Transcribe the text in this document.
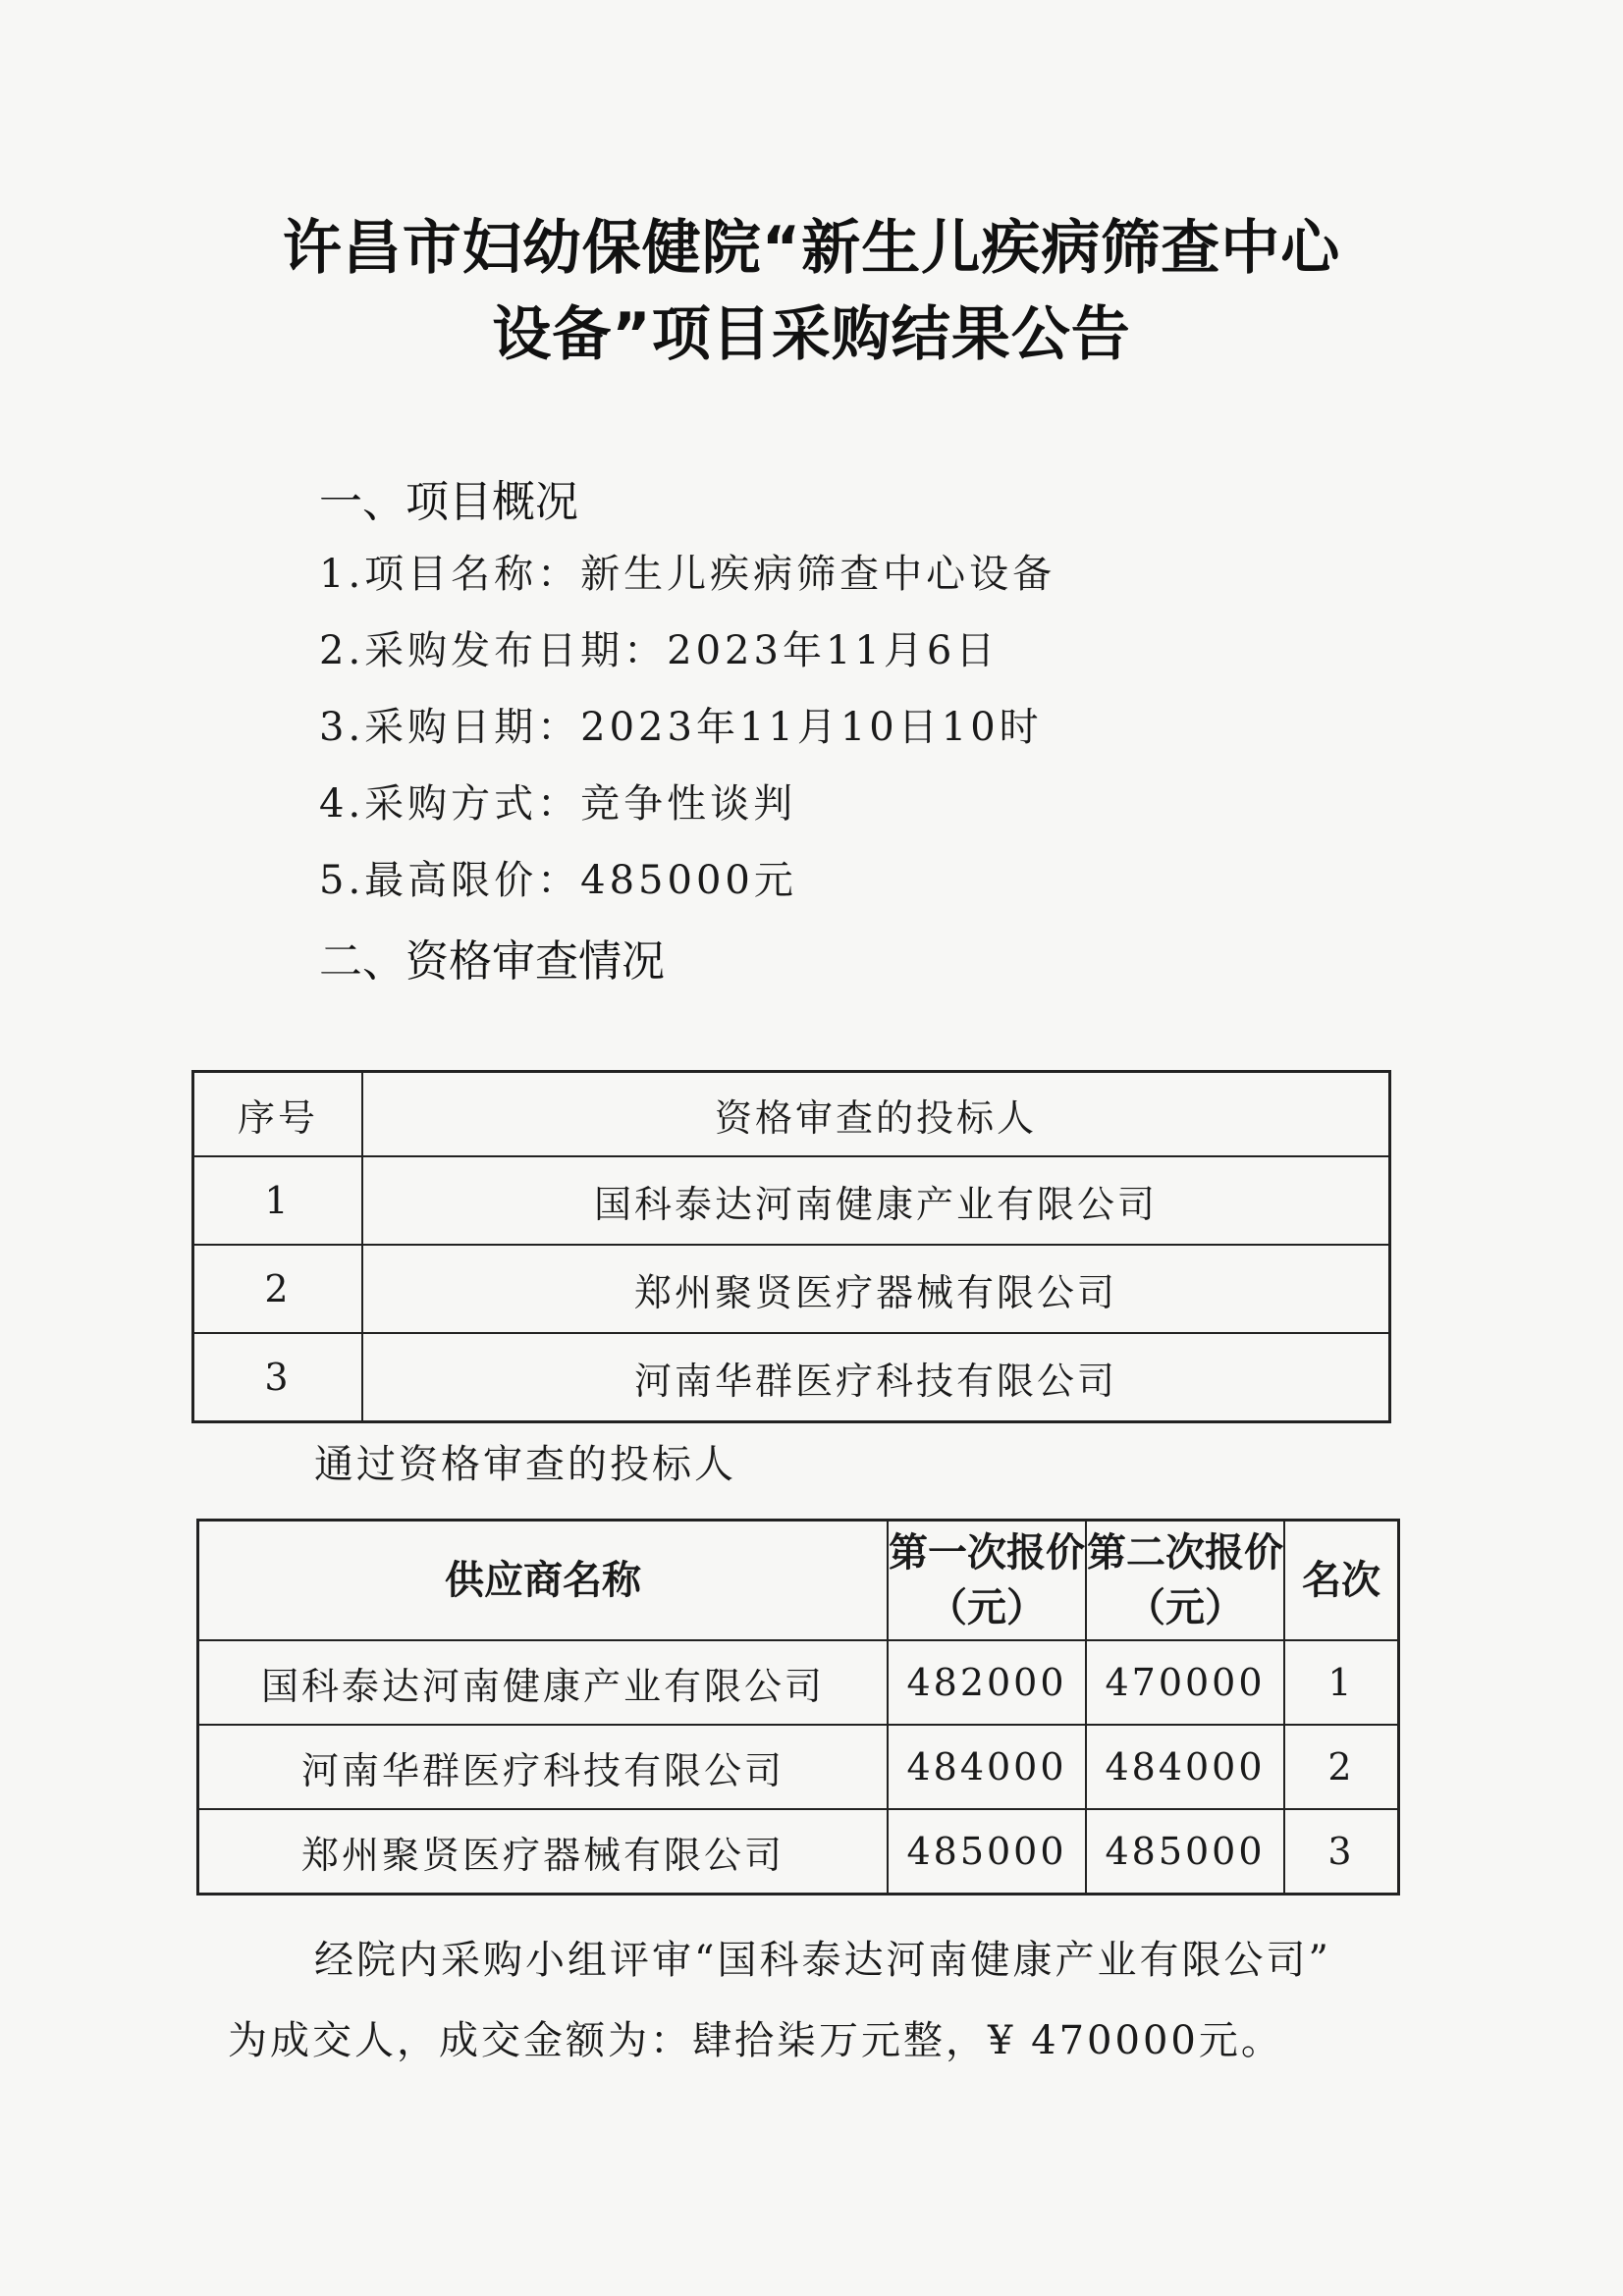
许昌市妇幼保健院“新生儿疾病筛查中心
设备”项目采购结果公告
一、项目概况
1.项目名称：新生儿疾病筛查中心设备
2.采购发布日期：2023年11月6日
3.采购日期：2023年11月10日10时
4.采购方式：竞争性谈判
5.最高限价：485000元
二、资格审查情况
序号	资格审查的投标人
1	国科泰达河南健康产业有限公司
2	郑州聚贤医疗器械有限公司
3	河南华群医疗科技有限公司
通过资格审查的投标人
供应商名称	第一次报价（元）	第二次报价（元）	名次
国科泰达河南健康产业有限公司	482000	470000	1
河南华群医疗科技有限公司	484000	484000	2
郑州聚贤医疗器械有限公司	485000	485000	3
经院内采购小组评审“国科泰达河南健康产业有限公司”
为成交人，成交金额为：肆拾柒万元整，¥ 470000元。
